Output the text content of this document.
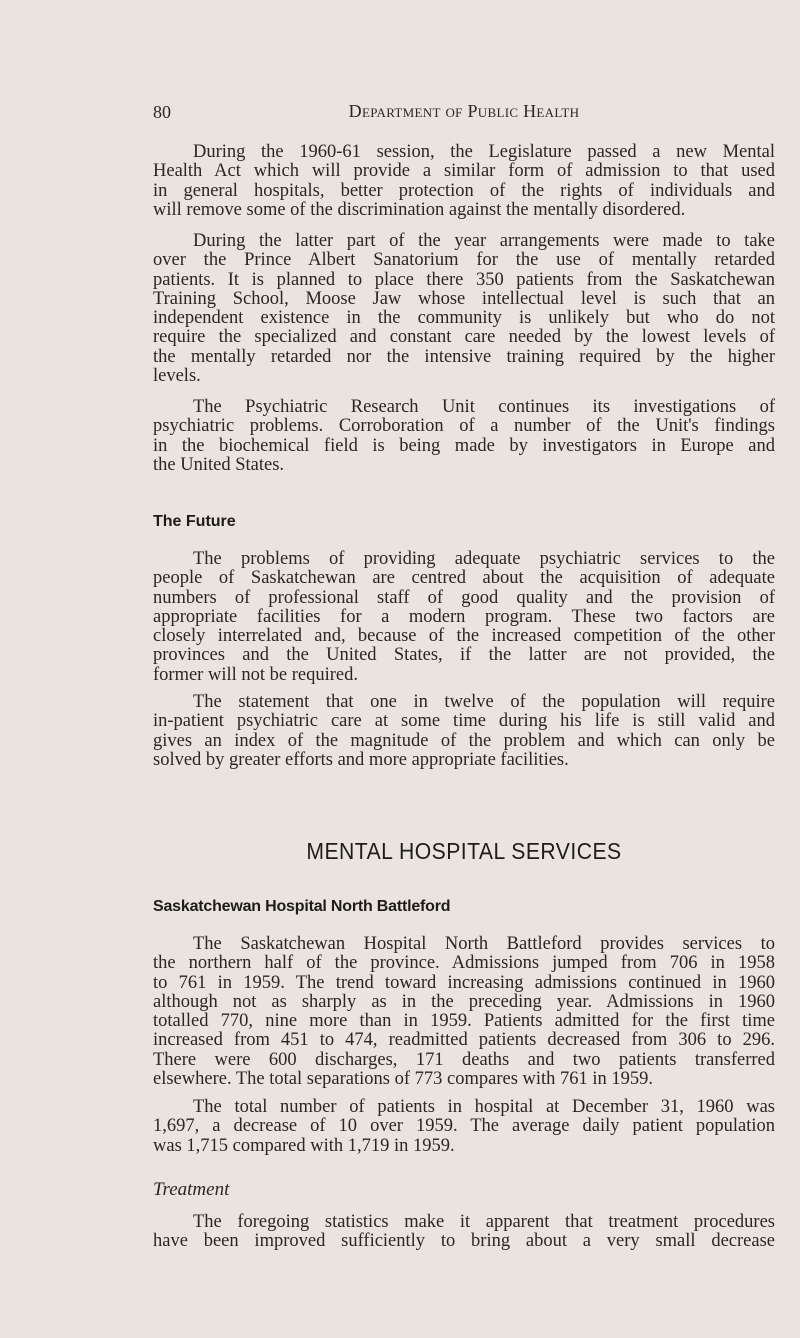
80	Department of Public Health
During the 1960-61 session, the Legislature passed a new Mental
Health Act which will provide a similar form of admission to that used
in general hospitals, better protection of the rights of individuals and
will remove some of the discrimination against the mentally disordered.
During the latter part of the year arrangements were made to take
over the Prince Albert Sanatorium for the use of mentally retarded
patients. It is planned to place there 350 patients from the Saskatchewan
Training School, Moose Jaw whose intellectual level is such that an
independent existence in the community is unlikely but who do not
require the specialized and constant care needed by the lowest levels of
the mentally retarded nor the intensive training required by the higher
levels.
The Psychiatric Research Unit continues its investigations of
psychiatric problems. Corroboration of a number of the Unit's findings
in the biochemical field is being made by investigators in Europe and
the United States.
The Future
The problems of providing adequate psychiatric services to the
people of Saskatchewan are centred about the acquisition of adequate
numbers of professional staff of good quality and the provision of
appropriate facilities for a modern program. These two factors are
closely interrelated and, because of the increased competition of the other
provinces and the United States, if the latter are not provided, the
former will not be required.
The statement that one in twelve of the population will require
in-patient psychiatric care at some time during his life is still valid and
gives an index of the magnitude of the problem and which can only be
solved by greater efforts and more appropriate facilities.
MENTAL HOSPITAL SERVICES
Saskatchewan Hospital North Battleford
The Saskatchewan Hospital North Battleford provides services to
the northern half of the province. Admissions jumped from 706 in 1958
to 761 in 1959. The trend toward increasing admissions continued in 1960
although not as sharply as in the preceding year. Admissions in 1960
totalled 770, nine more than in 1959. Patients admitted for the first time
increased from 451 to 474, readmitted patients decreased from 306 to 296.
There were 600 discharges, 171 deaths and two patients transferred
elsewhere. The total separations of 773 compares with 761 in 1959.
The total number of patients in hospital at December 31, 1960 was
1,697, a decrease of 10 over 1959. The average daily patient population
was 1,715 compared with 1,719 in 1959.
Treatment
The foregoing statistics make it apparent that treatment procedures
have been improved sufficiently to bring about a very small decrease
